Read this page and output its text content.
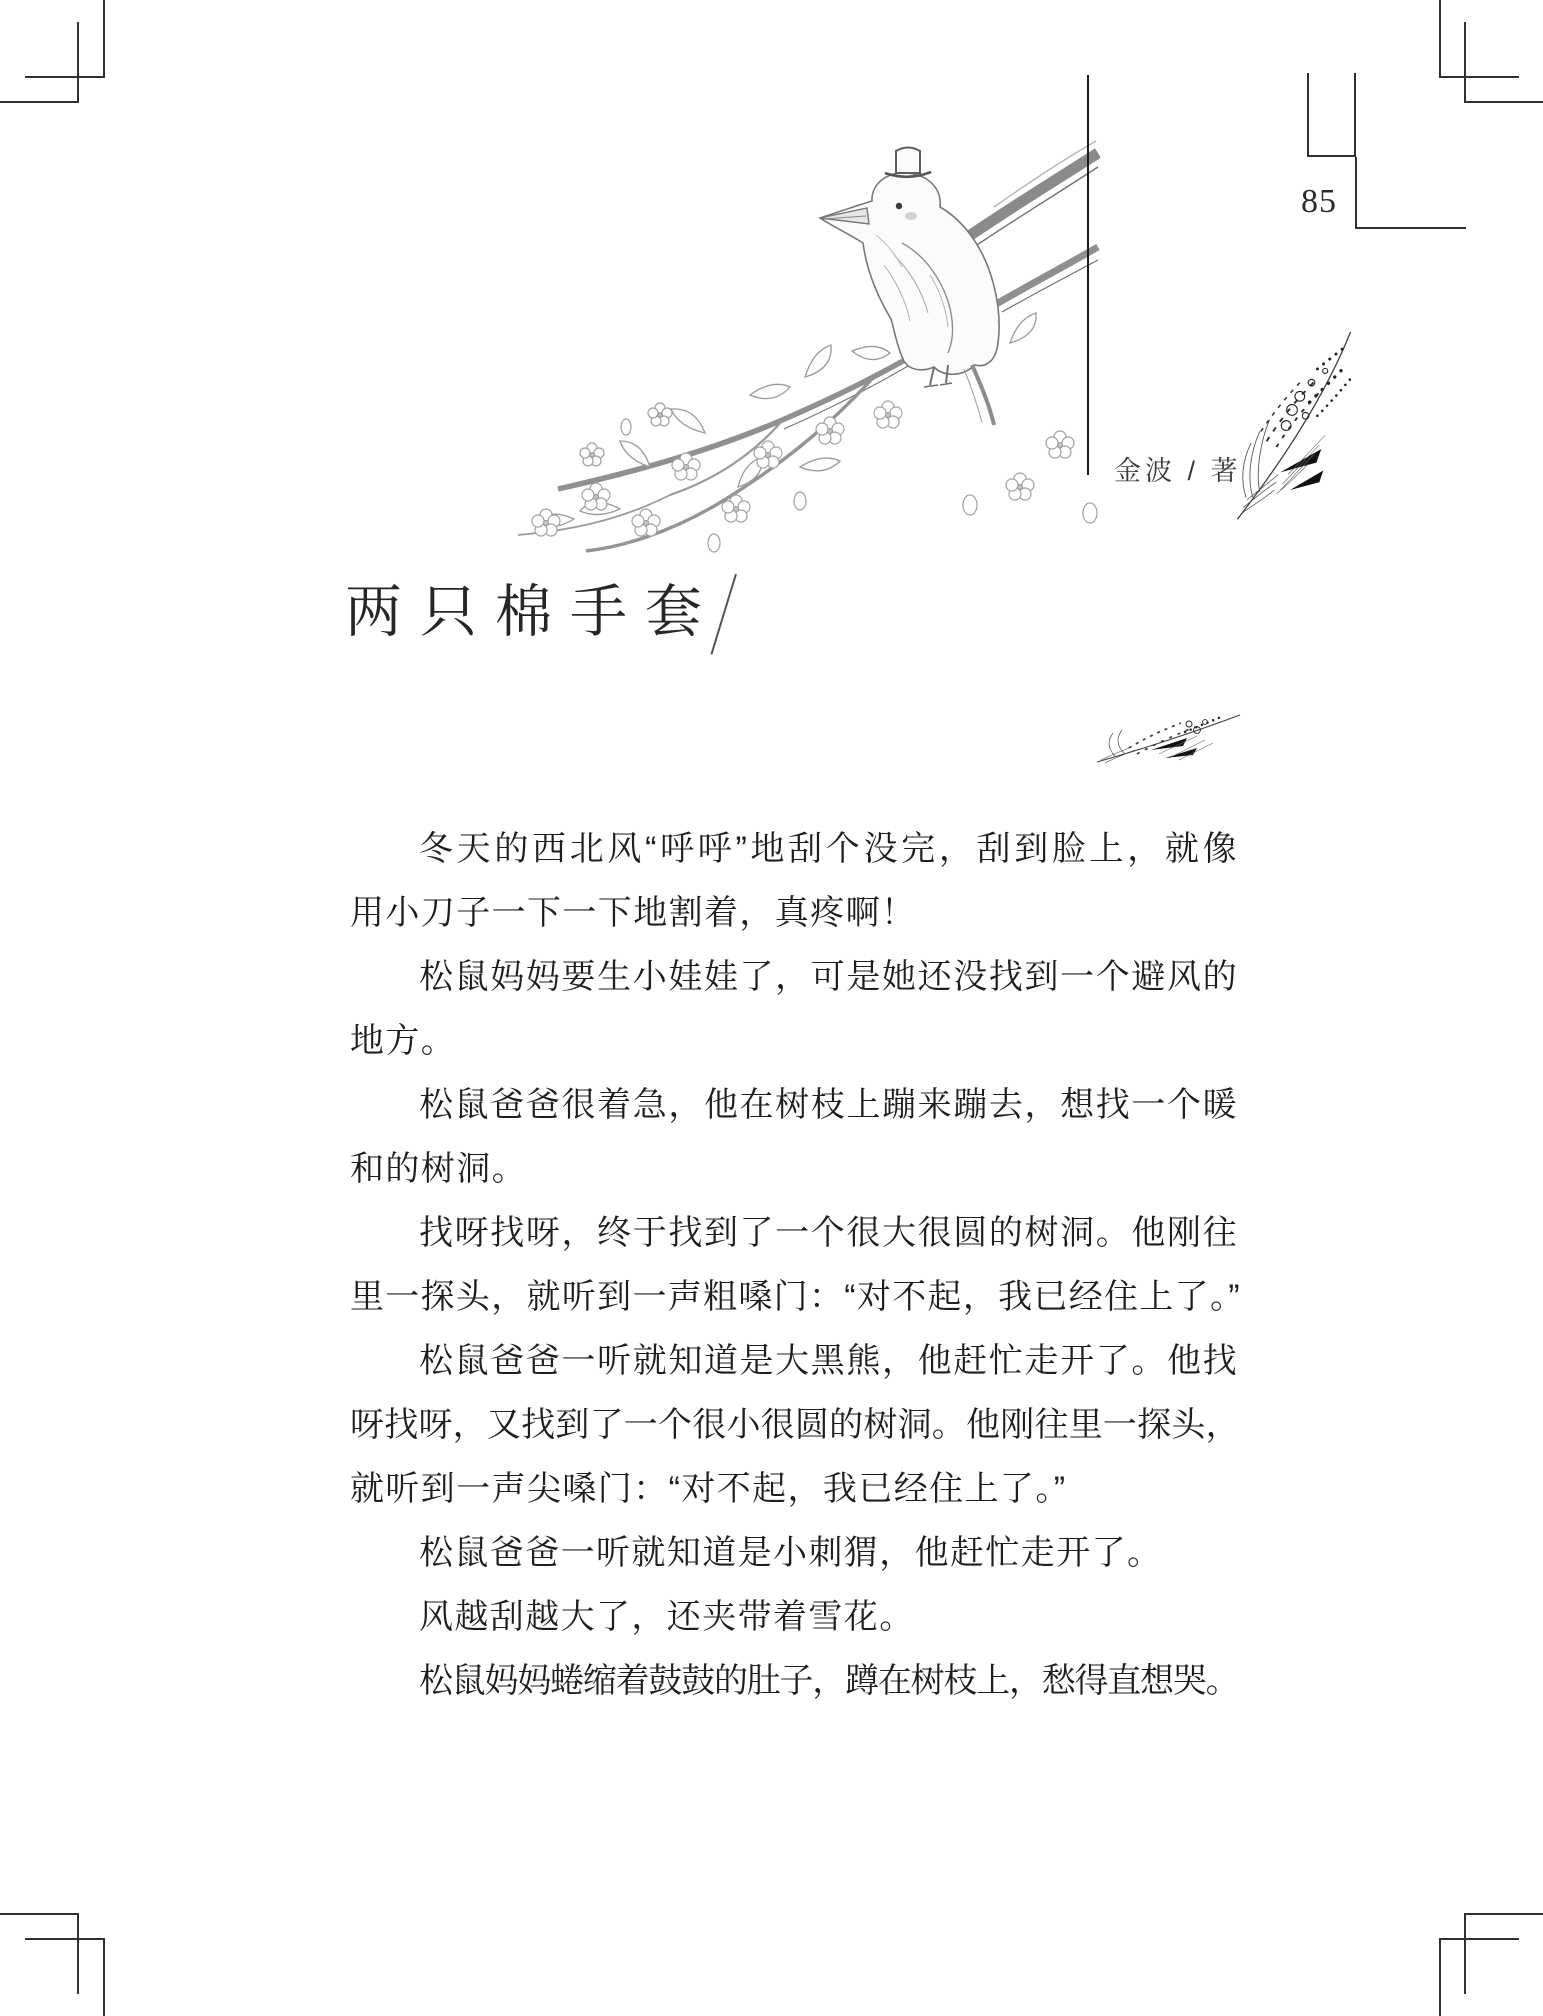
85
金波 / 著
两只棉手套
冬天的西北风“呼呼”地刮个没完，刮到脸上，就像
用小刀子一下一下地割着，真疼啊！
松鼠妈妈要生小娃娃了，可是她还没找到一个避风的
地方。
松鼠爸爸很着急，他在树枝上蹦来蹦去，想找一个暖
和的树洞。
找呀找呀，终于找到了一个很大很圆的树洞。他刚往
里一探头，就听到一声粗嗓门：“对不起，我已经住上了。”
松鼠爸爸一听就知道是大黑熊，他赶忙走开了。他找
呀找呀，又找到了一个很小很圆的树洞。他刚往里一探头，
就听到一声尖嗓门：“对不起，我已经住上了。”
松鼠爸爸一听就知道是小刺猬，他赶忙走开了。
风越刮越大了，还夹带着雪花。
松鼠妈妈蜷缩着鼓鼓的肚子，蹲在树枝上，愁得直想哭。
